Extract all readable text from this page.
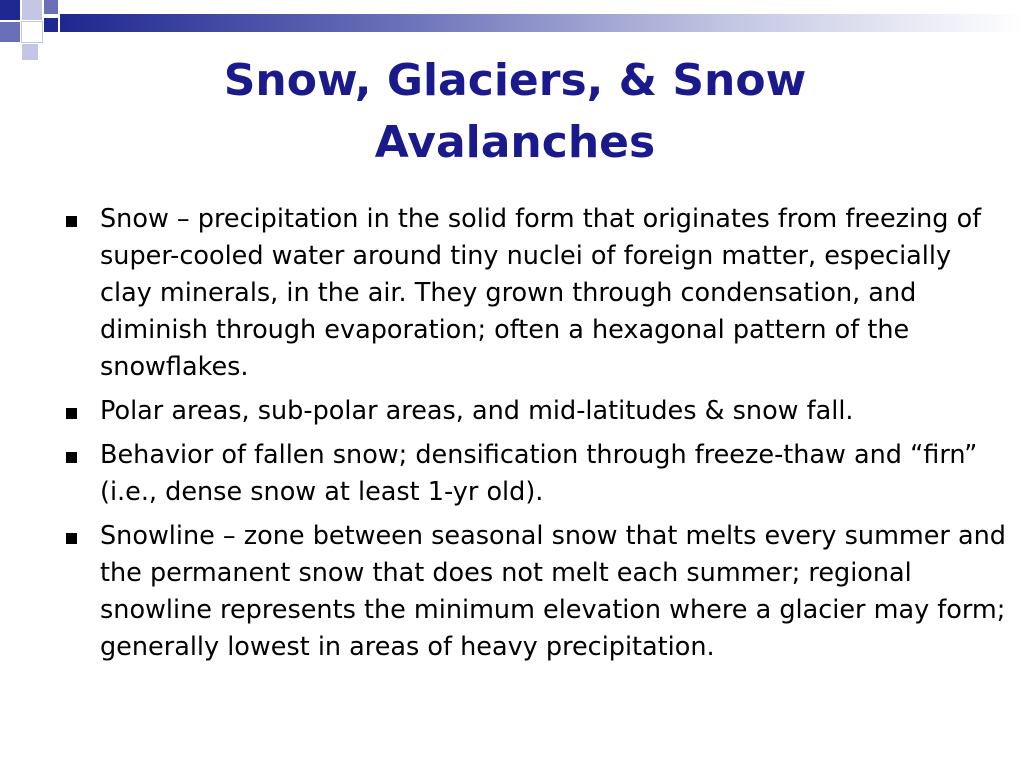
Snow, Glaciers, & Snow Avalanches
Snow – precipitation in the solid form that originates from freezing of super-cooled water around tiny nuclei of foreign matter, especially clay minerals, in the air. They grown through condensation, and diminish through evaporation; often a hexagonal pattern of the snowflakes.
Polar areas, sub-polar areas, and mid-latitudes & snow fall.
Behavior of fallen snow; densification through freeze-thaw and “firn” (i.e., dense snow at least 1-yr old).
Snowline – zone between seasonal snow that melts every summer and the permanent snow that does not melt each summer; regional snowline represents the minimum elevation where a glacier may form; generally lowest in areas of heavy precipitation.
